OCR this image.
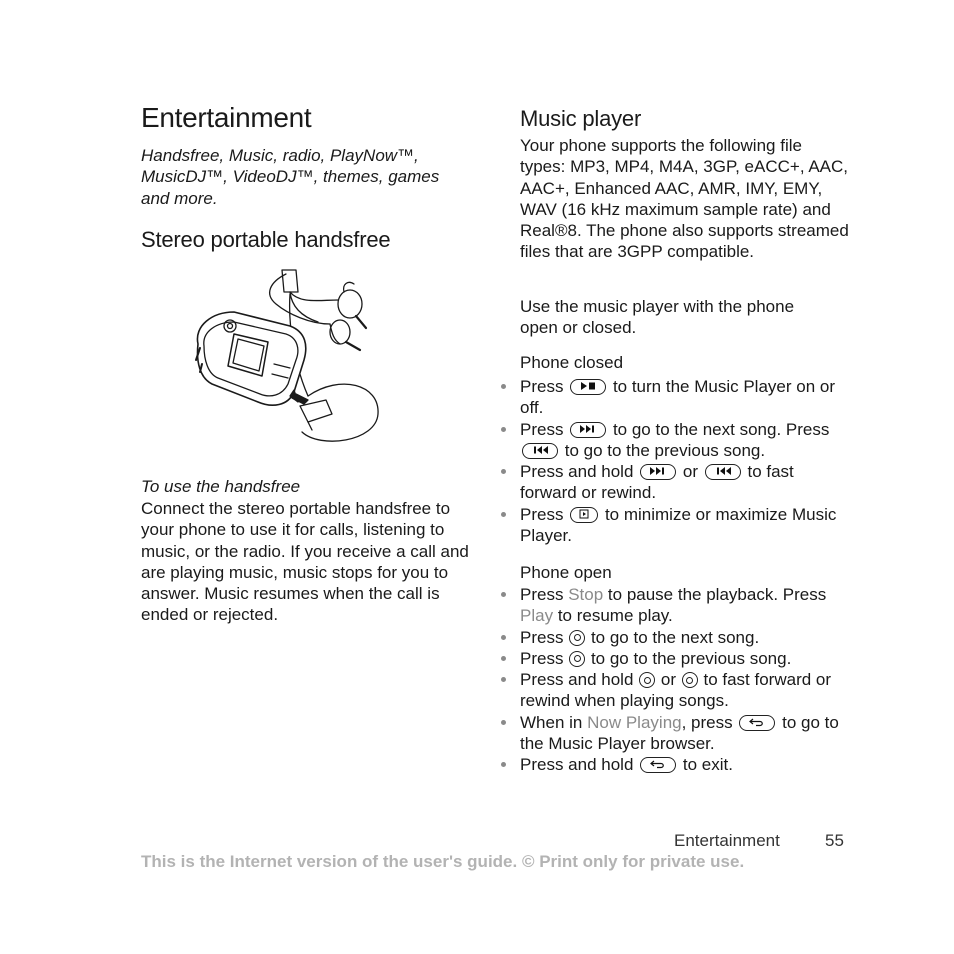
Entertainment
Handsfree, Music, radio, PlayNow™, MusicDJ™, VideoDJ™, themes, games and more.
Stereo portable handsfree
To use the handsfree
Connect the stereo portable handsfree to your phone to use it for calls, listening to music, or the radio. If you receive a call and are playing music, music stops for you to answer. Music resumes when the call is ended or rejected.
Music player
Your phone supports the following file types: MP3, MP4, M4A, 3GP, eACC+, AAC, AAC+, Enhanced AAC, AMR, IMY, EMY, WAV (16 kHz maximum sample rate) and Real®8. The phone also supports streamed files that are 3GPP compatible.
Use the music player with the phone open or closed.
Phone closed
Press	to turn the Music Player on or off.
Press	to go to the next song. Press
to go to the previous song.
Press and hold	or	to fast forward or rewind.
Press to minimize or maximize Music Player.
Phone open
Press Stop to pause the playback. Press Play to resume play.
Press to go to the next song.
Press to go to the previous song.
Press and hold or to fast forward or rewind when playing songs.
When in Now Playing, press	to go to the Music Player browser.
Press and hold	to exit.
Entertainment	55
This is the Internet version of the user's guide. © Print only for private use.
